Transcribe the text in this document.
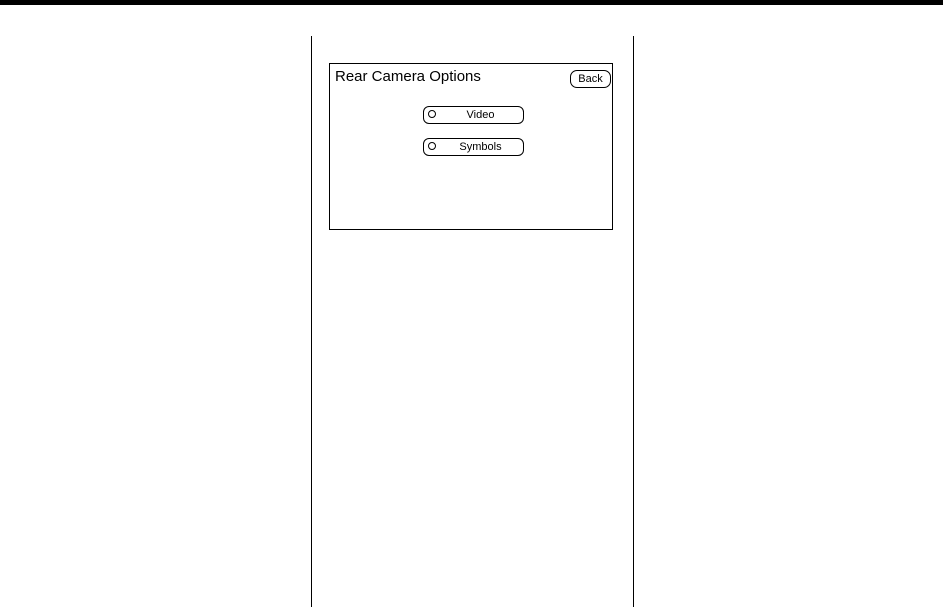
Rear Camera Options	Back
Video
Symbols
